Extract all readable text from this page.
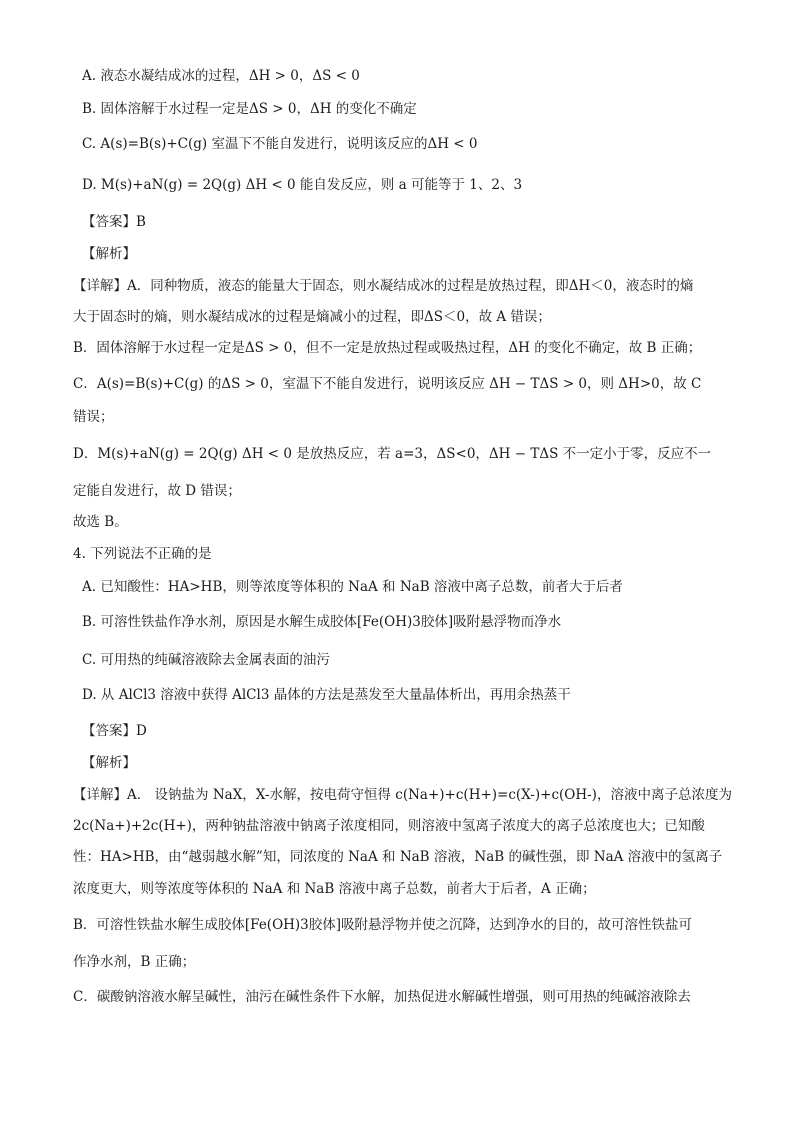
A. 液态水凝结成冰的过程，ΔH > 0，ΔS < 0
B. 固体溶解于水过程一定是ΔS > 0，ΔH 的变化不确定
C. A(s)=B(s)+C(g) 室温下不能自发进行，说明该反应的ΔH < 0
D. M(s)+aN(g) = 2Q(g) ΔH < 0 能自发反应，则 a 可能等于 1、2、3
【答案】B
【解析】
【详解】A．同种物质，液态的能量大于固态，则水凝结成冰的过程是放热过程，即ΔH＜0，液态时的熵
大于固态时的熵，则水凝结成冰的过程是熵减小的过程，即ΔS＜0，故 A 错误；
B．固体溶解于水过程一定是ΔS > 0，但不一定是放热过程或吸热过程，ΔH 的变化不确定，故 B 正确；
C．A(s)=B(s)+C(g) 的ΔS > 0，室温下不能自发进行，说明该反应 ΔH − TΔS > 0，则 ΔH>0，故 C
错误；
D．M(s)+aN(g) = 2Q(g) ΔH < 0 是放热反应，若 a=3，ΔS<0，ΔH − TΔS 不一定小于零，反应不一
定能自发进行，故 D 错误；
故选 B。
4. 下列说法不正确的是
A. 已知酸性：HA>HB，则等浓度等体积的 NaA 和 NaB 溶液中离子总数，前者大于后者
B. 可溶性铁盐作净水剂，原因是水解生成胶体[Fe(OH)3胶体]吸附悬浮物而净水
C. 可用热的纯碱溶液除去金属表面的油污
D. 从 AlCl3 溶液中获得 AlCl3 晶体的方法是蒸发至大量晶体析出，再用余热蒸干
【答案】D
【解析】
【详解】A． 设钠盐为 NaX，X-水解，按电荷守恒得 c(Na+)+c(H+)=c(X-)+c(OH-)，溶液中离子总浓度为
2c(Na+)+2c(H+)，两种钠盐溶液中钠离子浓度相同，则溶液中氢离子浓度大的离子总浓度也大；已知酸
性：HA>HB，由“越弱越水解”知，同浓度的 NaA 和 NaB 溶液，NaB 的碱性强，即 NaA 溶液中的氢离子
浓度更大，则等浓度等体积的 NaA 和 NaB 溶液中离子总数，前者大于后者，A 正确；
B．可溶性铁盐水解生成胶体[Fe(OH)3胶体]吸附悬浮物并使之沉降，达到净水的目的，故可溶性铁盐可
作净水剂，B 正确；
C．碳酸钠溶液水解呈碱性，油污在碱性条件下水解，加热促进水解碱性增强，则可用热的纯碱溶液除去
